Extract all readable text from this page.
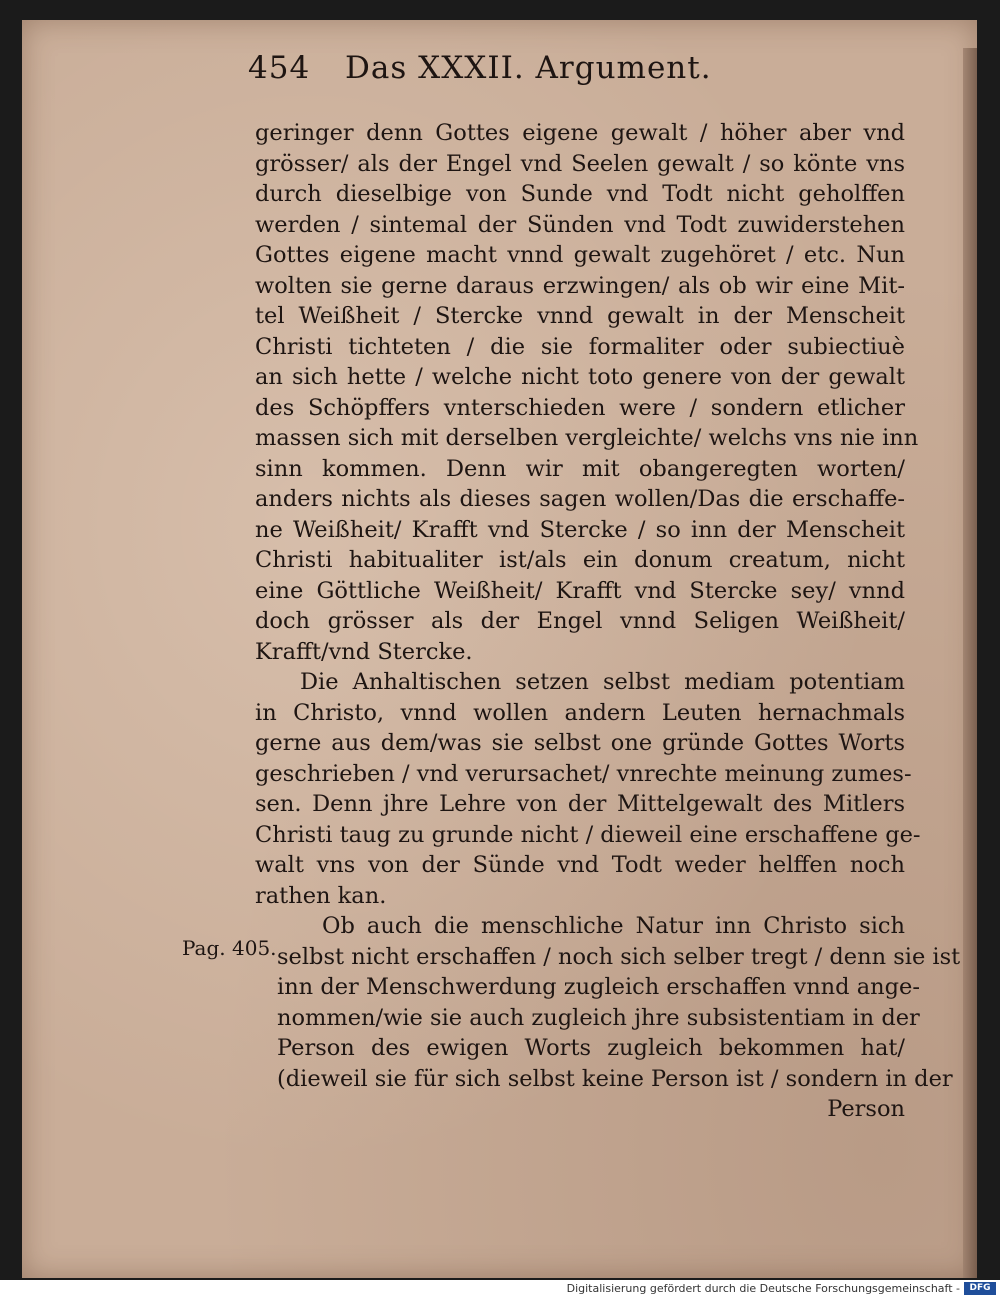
454 Das XXXII. Argument.
Pag. 405.
geringer denn Gottes eigene gewalt / höher aber vnd
grösser/ als der Engel vnd Seelen gewalt / so könte vns
durch dieselbige von Sunde vnd Todt nicht geholffen
werden / sintemal der Sünden vnd Todt zuwiderstehen
Gottes eigene macht vnnd gewalt zugehöret / etc. Nun
wolten sie gerne daraus erzwingen/ als ob wir eine Mit-
tel Weißheit / Stercke vnnd gewalt in der Menscheit
Christi tichteten / die sie formaliter oder subiectiuè
an sich hette / welche nicht toto genere von der gewalt
des Schöpffers vnterschieden were / sondern etlicher
massen sich mit derselben vergleichte/ welchs vns nie inn
sinn kommen. Denn wir mit obangeregten worten/
anders nichts als dieses sagen wollen/Das die erschaffe-
ne Weißheit/ Krafft vnd Stercke / so inn der Menscheit
Christi habitualiter ist/als ein donum creatum, nicht
eine Göttliche Weißheit/ Krafft vnd Stercke sey/ vnnd
doch grösser als der Engel vnnd Seligen Weißheit/
Krafft/vnd Stercke.
Die Anhaltischen setzen selbst mediam potentiam
in Christo, vnnd wollen andern Leuten hernachmals
gerne aus dem/was sie selbst one gründe Gottes Worts
geschrieben / vnd verursachet/ vnrechte meinung zumes-
sen. Denn jhre Lehre von der Mittelgewalt des Mitlers
Christi taug zu grunde nicht / dieweil eine erschaffene ge-
walt vns von der Sünde vnd Todt weder helffen noch
rathen kan.
Ob auch die menschliche Natur inn Christo sich
selbst nicht erschaffen / noch sich selber tregt / denn sie ist
inn der Menschwerdung zugleich erschaffen vnnd ange-
nommen/wie sie auch zugleich jhre subsistentiam in der
Person des ewigen Worts zugleich bekommen hat/
(dieweil sie für sich selbst keine Person ist / sondern in der
Person
Digitalisierung gefördert durch die Deutsche Forschungsgemeinschaft -	DFG
